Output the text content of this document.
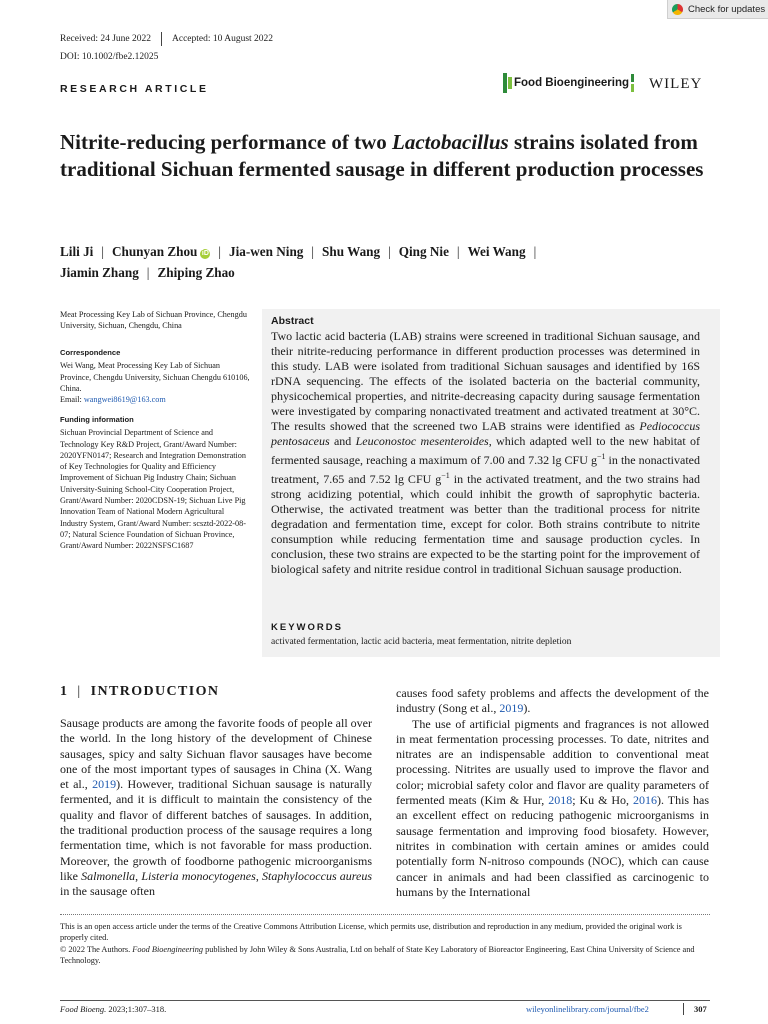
Check for updates
Received: 24 June 2022 Accepted: 10 August 2022
DOI: 10.1002/fbe2.12025
RESEARCH ARTICLE	Food Bioengineering WILEY
Nitrite-reducing performance of two Lactobacillus strains isolated from traditional Sichuan fermented sausage in different production processes
Lili Ji | Chunyan Zhou iD | Jia-wen Ning | Shu Wang | Qing Nie | Wei Wang |
Jiamin Zhang | Zhiping Zhao
Meat Processing Key Lab of Sichuan Province, Chengdu University, Sichuan, Chengdu, China
Correspondence
Wei Wang, Meat Processing Key Lab of Sichuan Province, Chengdu University, Sichuan Chengdu 610106, China.
Email: wangwei8619@163.com
Funding information
Sichuan Provincial Department of Science and Technology Key R&D Project, Grant/Award Number: 2020YFN0147; Research and Integration Demonstration of Key Technologies for Quality and Efficiency Improvement of Sichuan Pig Industry Chain; Sichuan University-Suining School-City Cooperation Project, Grant/Award Number: 2020CDSN-19; Sichuan Live Pig Innovation Team of National Modern Agricultural Industry System, Grant/Award Number: scsztd-2022-08-07; Natural Science Foundation of Sichuan Province, Grant/Award Number: 2022NSFSC1687
Abstract
Two lactic acid bacteria (LAB) strains were screened in traditional Sichuan sausage, and their nitrite-reducing performance in different production processes was determined in this study. LAB were isolated from traditional Sichuan sausages and identified by 16S rDNA sequencing. The effects of the isolated bacteria on the bacterial community, physicochemical properties, and nitrite-decreasing capacity during sausage fermentation were investigated by comparing nonactivated treatment and activated treatment at 30°C. The results showed that the screened two LAB strains were identified as Pediococcus pentosaceus and Leuconostoc mesenteroides, which adapted well to the new habitat of fermented sausage, reaching a maximum of 7.00 and 7.32 lg CFU $g^{-1}$ in the nonactivated treatment, 7.65 and 7.52 lg CFU $g^{-1}$ in the activated treatment, and the two strains had strong acidizing potential, which could inhibit the growth of saprophytic bacteria. Otherwise, the activated treatment was better than the traditional process for nitrite degradation and fermentation time, except for color. Both strains contribute to nitrite consumption while reducing fermentation time and sausage production cycles. In conclusion, these two strains are expected to be the starting point for the improvement of biological safety and nitrite residue control in traditional Sichuan sausage production.
KEYWORDS
activated fermentation, lactic acid bacteria, meat fermentation, nitrite depletion
1 | INTRODUCTION

Sausage products are among the favorite foods of people all over the world. In the long history of the development of Chinese sausages, spicy and salty Sichuan flavor sausages have become one of the most important types of sausages in China (X. Wang et al., 2019). However, traditional Sichuan sausage is naturally fermented, and it is difficult to maintain the consistency of the quality and flavor of different batches of sausages. In addition, the traditional production process of the sausage requires a long fermentation time, which is not favorable for mass production. Moreover, the growth of foodborne pathogenic microorganisms like Salmonella, Listeria monocytogenes, Staphylococcus aureus in the sausage often

causes food safety problems and affects the development of the industry (Song et al., 2019).

The use of artificial pigments and fragrances is not allowed in meat fermentation processing processes. To date, nitrites and nitrates are an indispensable addition to conventional meat processing. Nitrites are usually used to improve the flavor and color; microbial safety color and flavor are quality parameters of fermented meats (Kim & Hur, 2018; Ku & Ho, 2016). This has an excellent effect on reducing pathogenic microorganisms in sausage fermentation and improving food biosafety. However, nitrites in combination with certain amines or amides could potentially form N-nitroso compounds (NOC), which can cause cancer in animals and had been classified as carcinogenic to humans by the International

This is an open access article under the terms of the Creative Commons Attribution License, which permits use, distribution and reproduction in any medium, provided the original work is properly cited.

© 2022 The Authors. Food Bioengineering published by John Wiley & Sons Australia, Ltd on behalf of State Key Laboratory of Bioreactor Engineering, East China University of Science and Technology.

Food Bioeng. 2023;1:307–318.	wileyonlinelibrary.com/journal/fbe2	307
